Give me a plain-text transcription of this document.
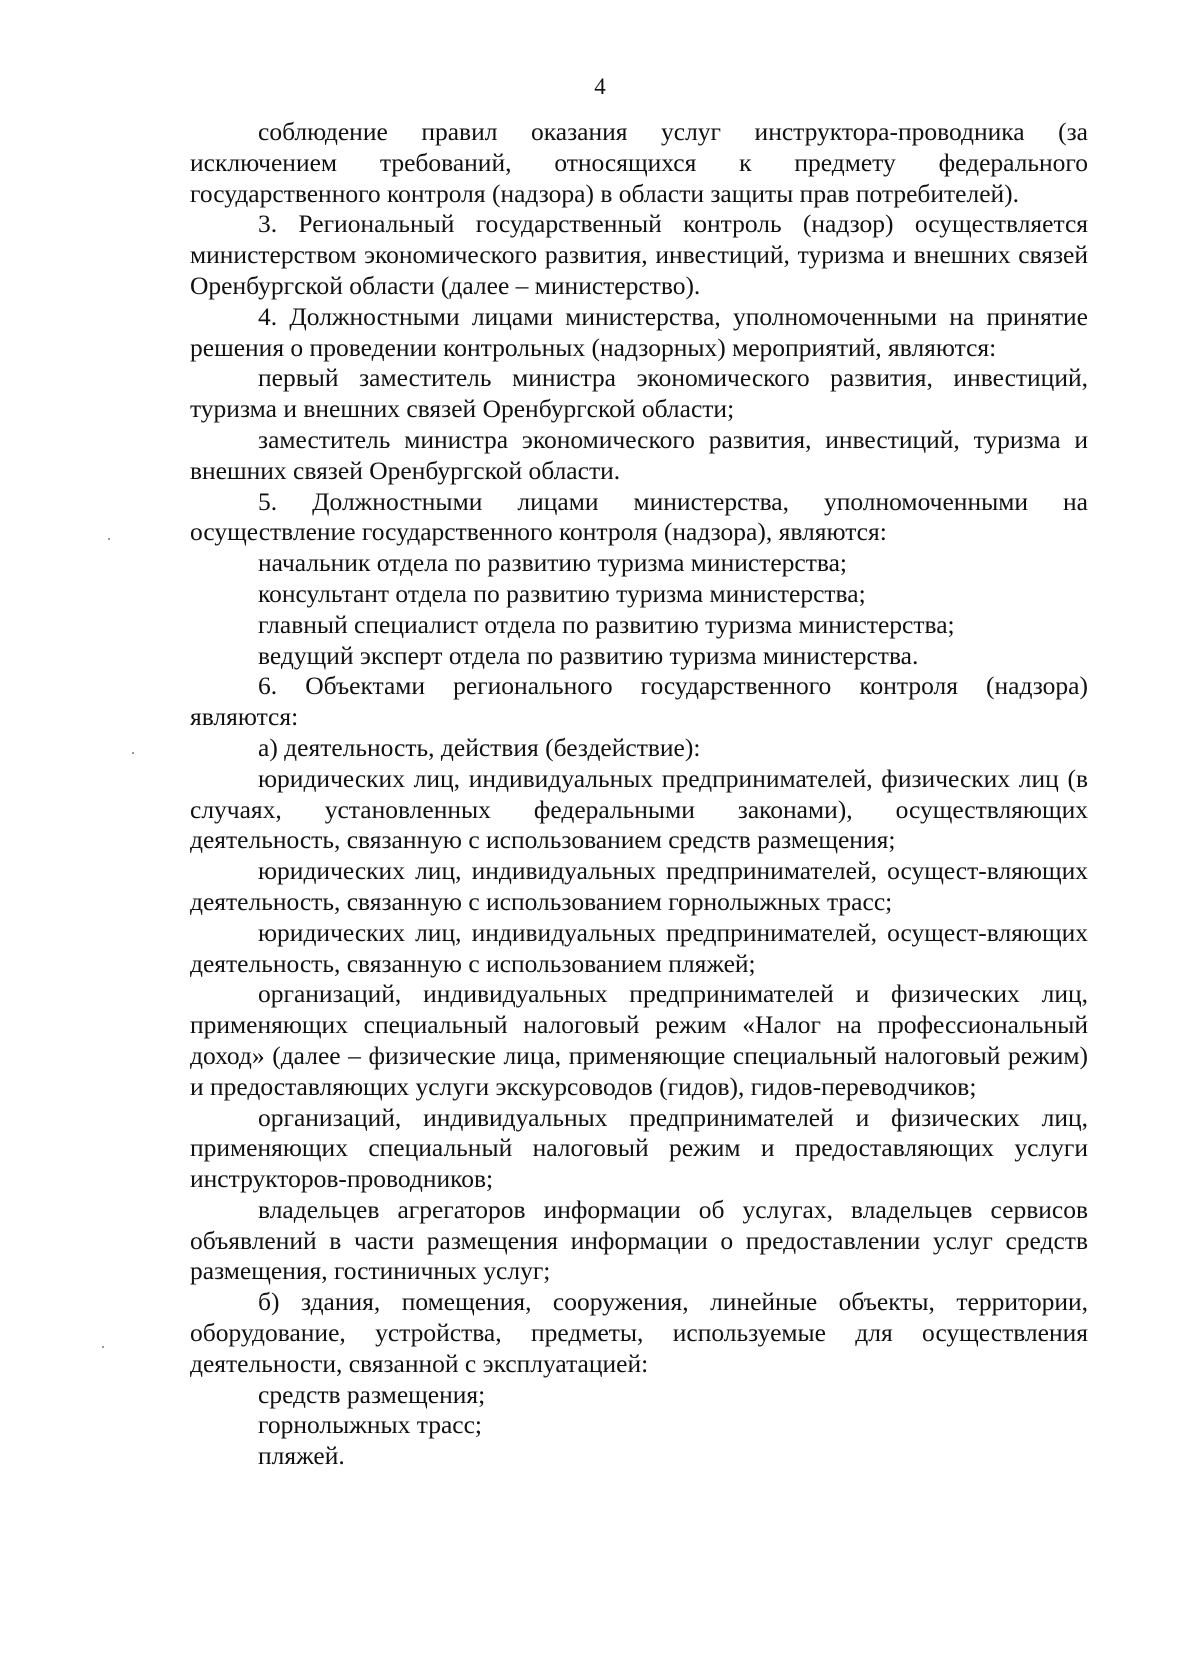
4

соблюдение правил оказания услуг инструктора-проводника (за исключением требований, относящихся к предмету федерального государственного контроля (надзора) в области защиты прав потребителей).

3. Региональный государственный контроль (надзор) осуществляется министерством экономического развития, инвестиций, туризма и внешних связей Оренбургской области (далее – министерство).

4. Должностными лицами министерства, уполномоченными на принятие решения о проведении контрольных (надзорных) мероприятий, являются:

первый заместитель министра экономического развития, инвестиций, туризма и внешних связей Оренбургской области;

заместитель министра экономического развития, инвестиций, туризма и внешних связей Оренбургской области.

5. Должностными лицами министерства, уполномоченными на осуществление государственного контроля (надзора), являются:

начальник отдела по развитию туризма министерства;

консультант отдела по развитию туризма министерства;

главный специалист отдела по развитию туризма министерства;

ведущий эксперт отдела по развитию туризма министерства.

6. Объектами регионального государственного контроля (надзора) являются:

а) деятельность, действия (бездействие):

юридических лиц, индивидуальных предпринимателей, физических лиц (в случаях, установленных федеральными законами), осуществляющих деятельность, связанную с использованием средств размещения;

юридических лиц, индивидуальных предпринимателей, осущест-вляющих деятельность, связанную с использованием горнолыжных трасс;

юридических лиц, индивидуальных предпринимателей, осущест-вляющих деятельность, связанную с использованием пляжей;

организаций, индивидуальных предпринимателей и физических лиц, применяющих специальный налоговый режим «Налог на профессиональный доход» (далее – физические лица, применяющие специальный налоговый режим) и предоставляющих услуги экскурсоводов (гидов), гидов-переводчиков;

организаций, индивидуальных предпринимателей и физических лиц, применяющих специальный налоговый режим и предоставляющих услуги инструкторов-проводников;

владельцев агрегаторов информации об услугах, владельцев сервисов объявлений в части размещения информации о предоставлении услуг средств размещения, гостиничных услуг;

б) здания, помещения, сооружения, линейные объекты, территории, оборудование, устройства, предметы, используемые для осуществления деятельности, связанной с эксплуатацией:

средств размещения;

горнолыжных трасс;

пляжей.
